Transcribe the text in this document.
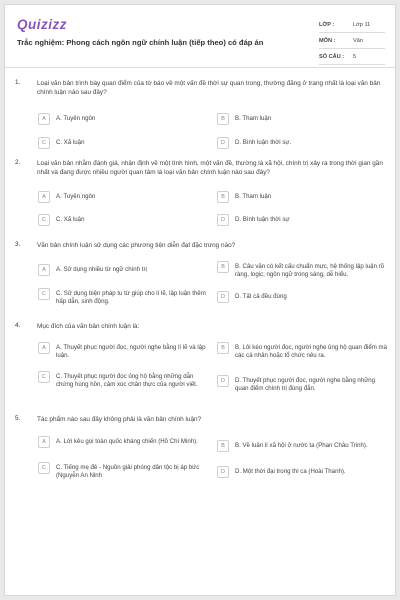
Quizizz
Trắc nghiệm: Phong cách ngôn ngữ chính luận (tiếp theo) có đáp án
LỚP :	Lớp 11
MÔN :	Văn
SỐ CÂU :	5
1.	Loại văn bản trình bày quan điểm của tờ báo về một vấn đề thời sự quan trong, thường đăng ở trang nhất là loại văn bản chính luận nào sau đây?
A	A. Tuyên ngôn	B	B. Tham luận
C	C. Xã luận	D	D. Bình luận thời sự.
2.	Loại văn bản nhằm đánh giá, nhận định về một tình hình, một vấn đề, thường là xã hội, chính trị xảy ra trong thời gian gần nhất và đang được nhiều người quan tâm là loại văn bản chính luận nào sau đây?
A	A. Tuyên ngôn	B	B. Tham luận
C	C. Xã luận	D	D. Bình luận thời sự
3.	Văn bản chính luận sử dụng các phương tiện diễn đạt đặc trưng nào?
A	A. Sử dụng nhiều từ ngữ chính trị	B	B. Câu văn có kết cấu chuẩn mực, hệ thống lập luận rõ ràng, logic; ngôn ngữ trong sáng, dễ hiểu.
C	C. Sử dụng biện pháp tu từ giúp cho lí lẽ, lập luận thêm hấp dẫn, sinh động.
D	D. Tất cả đều đúng
4.	Mục đích của văn bản chính luận là:
A	A. Thuyết phục người đọc, người nghe bằng lí lẽ và lập luận.
B	B. Lôi kéo người đọc, người nghe ủng hộ quan điểm mà các cá nhân hoặc tổ chức nêu ra.
C	C. Thuyết phục người đọc ủng hộ bằng những dẫn chứng hùng hồn, cảm xúc chân thực của người viết.
D	D. Thuyết phục người đọc, người nghe bằng những quan điểm chính trị đúng đắn.
5.	Tác phẩm nào sau đây không phải là văn bản chính luận?
A	A. Lời kêu gọi toàn quốc kháng chiến (Hồ Chí Minh).
B	B. Về luân lí xã hội ở nước ta (Phan Châu Trinh).
C	C. Tiếng mẹ đẻ - Nguồn giải phóng dân tộc bị áp bức (Nguyễn An Ninh
D	D. Một thời đại trong thi ca (Hoài Thanh).
